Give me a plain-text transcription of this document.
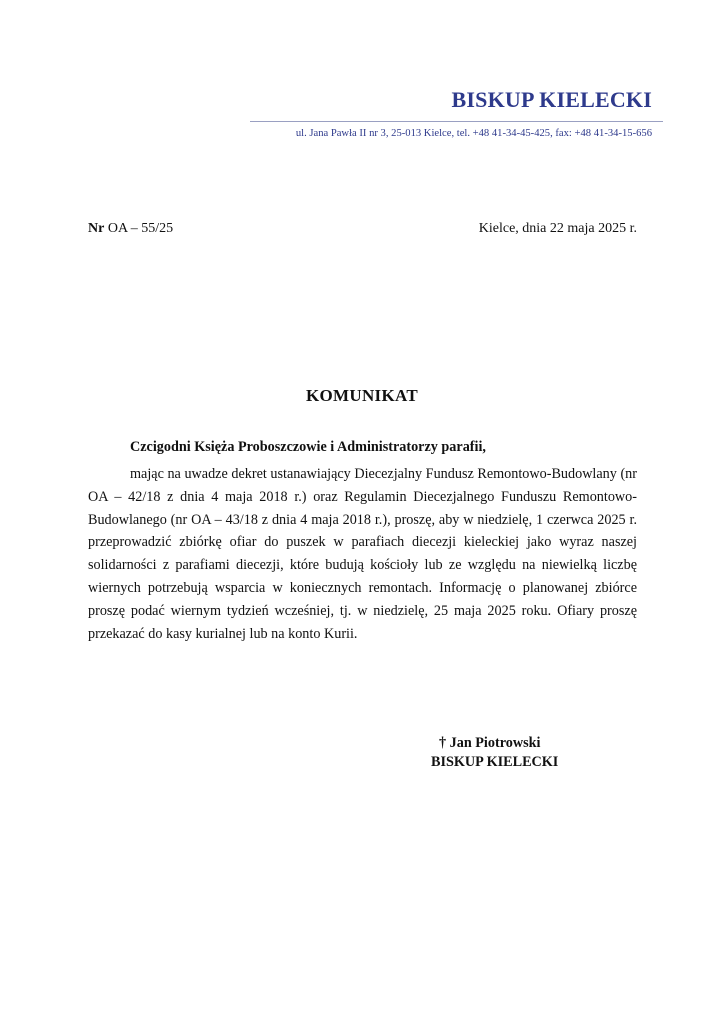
BISKUP KIELECKI
ul. Jana Pawła II nr 3, 25-013 Kielce, tel. +48 41-34-45-425, fax: +48 41-34-15-656
Nr OA – 55/25	Kielce, dnia 22 maja 2025 r.
KOMUNIKAT
Czcigodni Księża Proboszczowie i Administratorzy parafii,

mając na uwadze dekret ustanawiający Diecezjalny Fundusz Remontowo-Budowlany (nr OA – 42/18 z dnia 4 maja 2018 r.) oraz Regulamin Diecezjalnego Funduszu Remontowo-Budowlanego (nr OA – 43/18 z dnia 4 maja 2018 r.), proszę, aby w niedzielę, 1 czerwca 2025 r. przeprowadzić zbiórkę ofiar do puszek w parafiach diecezji kieleckiej jako wyraz naszej solidarności z parafiami diecezji, które budują kościoły lub ze względu na niewielką liczbę wiernych potrzebują wsparcia w koniecznych remontach. Informację o planowanej zbiórce proszę podać wiernym tydzień wcześniej, tj. w niedzielę, 25 maja 2025 roku. Ofiary proszę przekazać do kasy kurialnej lub na konto Kurii.

† Jan Piotrowski
BISKUP KIELECKI
